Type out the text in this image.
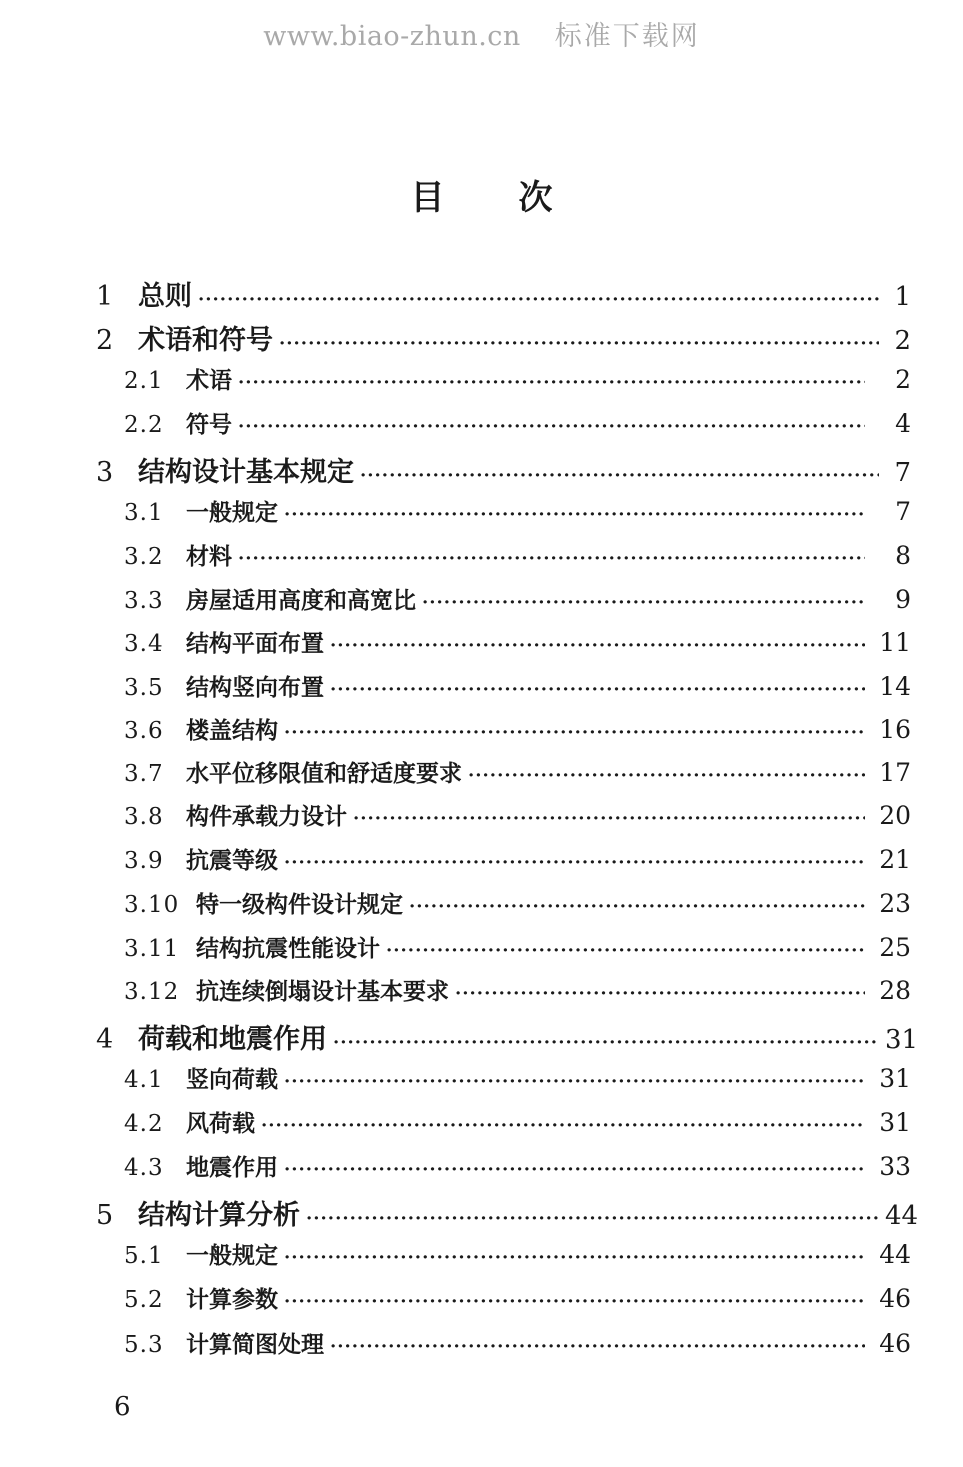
www.biao-zhun.cn 标准下载网
目次
1 总则 ·····	1
2 术语和符号 ·····	2
2.1 术语 ·····	2
2.2 符号 ·····	4
3 结构设计基本规定 ·····	7
3.1 一般规定 ·····	7
3.2 材料 ·····	8
3.3 房屋适用高度和高宽比 ·····	9
3.4 结构平面布置 ·····	11
3.5 结构竖向布置 ·····	14
3.6 楼盖结构 ·····	16
3.7 水平位移限值和舒适度要求 ·····	17
3.8 构件承载力设计 ·····	20
3.9 抗震等级 ·····	21
3.10 特一级构件设计规定 ·····	23
3.11 结构抗震性能设计 ·····	25
3.12 抗连续倒塌设计基本要求 ·····	28
4 荷载和地震作用 ·····	31
4.1 竖向荷载 ·····	31
4.2 风荷载 ·····	31
4.3 地震作用 ·····	33
5 结构计算分析 ·····	44
5.1 一般规定 ·····	44
5.2 计算参数 ·····	46
5.3 计算简图处理 ·····	46
6
